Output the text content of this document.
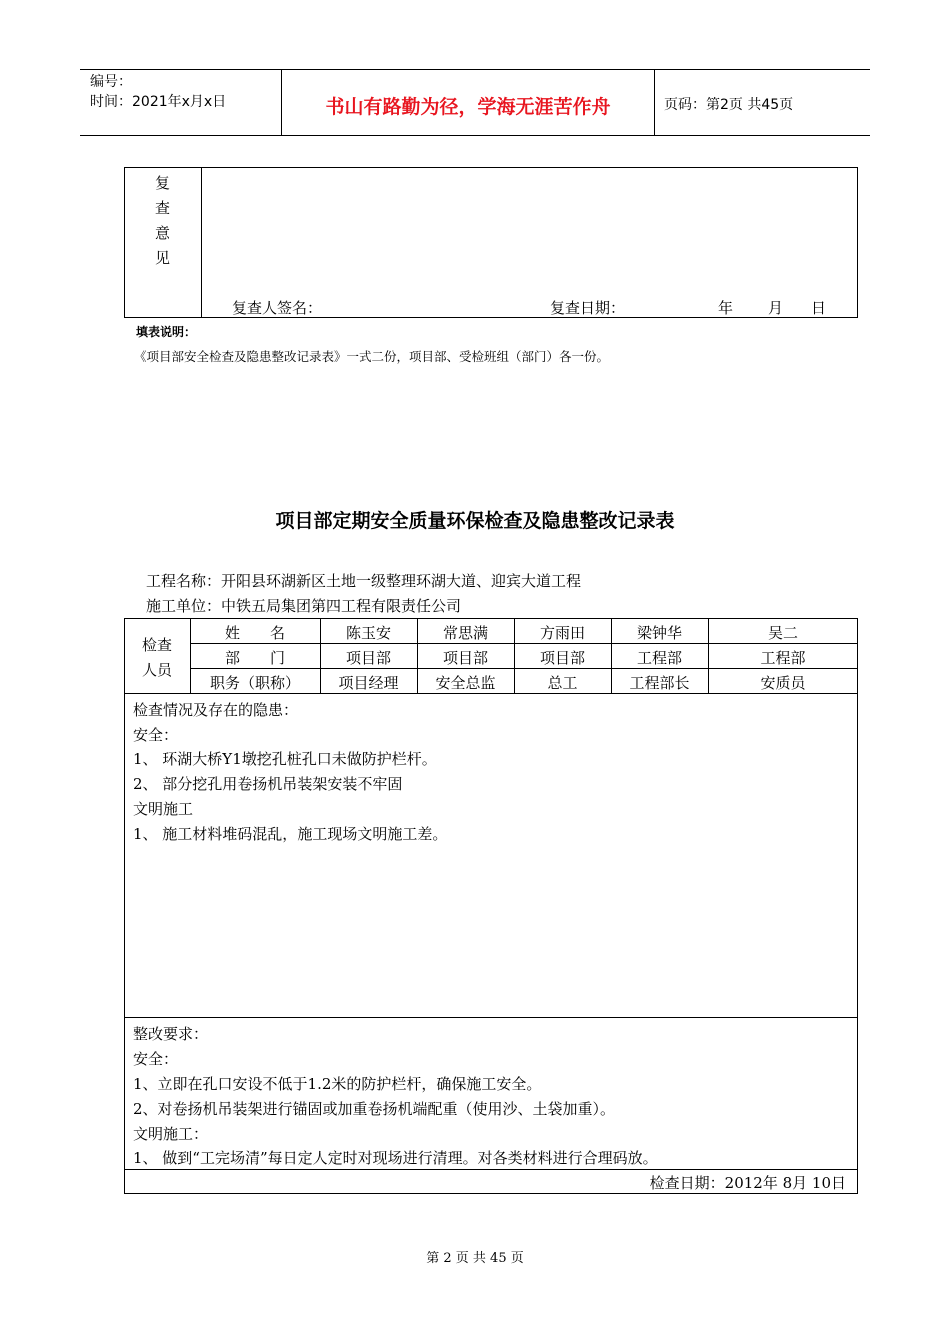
编号：
时间：2021年x月x日	书山有路勤为径，学海无涯苦作舟	页码：第2页 共45页
复
查
意
见
复查人签名：	复查日期：	年 月 日
填表说明：
《项目部安全检查及隐患整改记录表》一式二份，项目部、受检班组（部门）各一份。
项目部定期安全质量环保检查及隐患整改记录表
工程名称：开阳县环湖新区土地一级整理环湖大道、迎宾大道工程
施工单位：中铁五局集团第四工程有限责任公司
检查
人员
姓　　名	陈玉安	常思满	方雨田	梁钟华	吴二
部　　门	项目部	项目部	项目部	工程部	工程部
职务（职称）	项目经理	安全总监	总工	工程部长	安质员
检查情况及存在的隐患：
安全：
1、 环湖大桥Y1墩挖孔桩孔口未做防护栏杆。
2、 部分挖孔用卷扬机吊装架安装不牢固
文明施工
1、 施工材料堆码混乱，施工现场文明施工差。
整改要求：
安全：
1、立即在孔口安设不低于1.2米的防护栏杆，确保施工安全。
2、对卷扬机吊装架进行锚固或加重卷扬机端配重（使用沙、土袋加重）。
文明施工：
1、 做到“工完场清”每日定人定时对现场进行清理。对各类材料进行合理码放。
检查日期：2012年 8月 10日
第 2 页 共 45 页
